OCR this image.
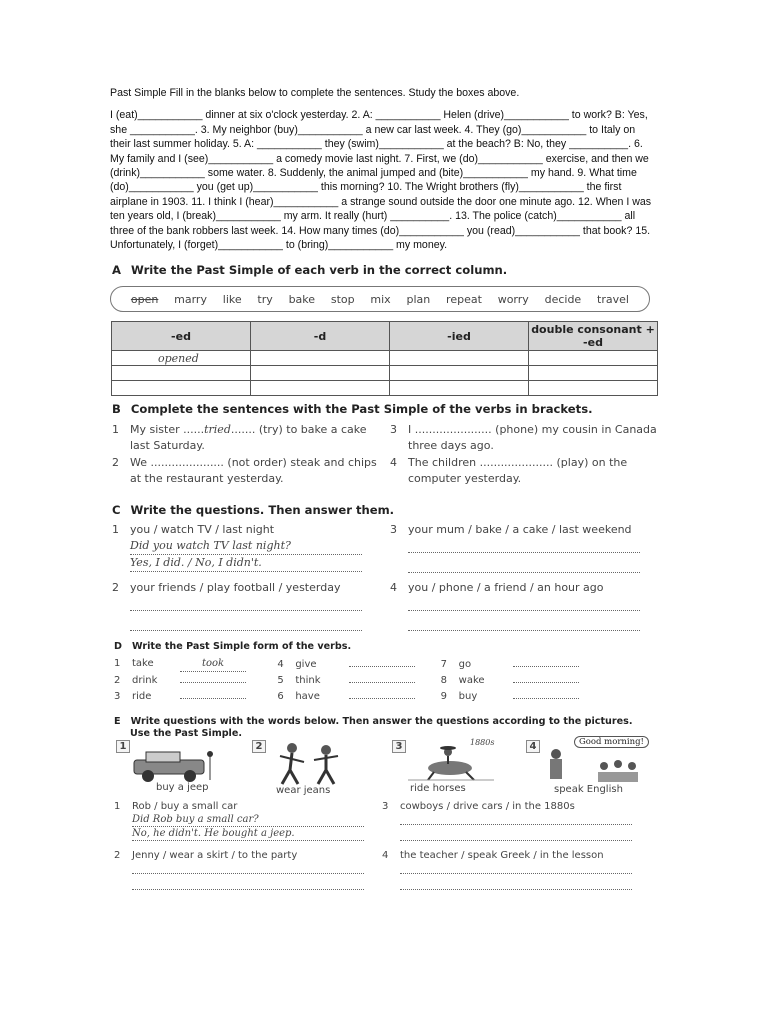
Past Simple Fill in the blanks below to complete the sentences. Study the boxes above.
I (eat)___________ dinner at six o'clock yesterday. 2. A: ___________ Helen (drive)___________ to work? B: Yes, she ___________. 3. My neighbor (buy)___________ a new car last week. 4. They (go)___________ to Italy on their last summer holiday. 5. A: ___________ they (swim)___________ at the beach? B: No, they __________. 6. My family and I (see)___________ a comedy movie last night. 7. First, we (do)___________ exercise, and then we (drink)___________ some water. 8. Suddenly, the animal jumped and (bite)___________ my hand. 9. What time (do)___________ you (get up)___________ this morning? 10. The Wright brothers (fly)___________ the first airplane in 1903. 11. I think I (hear)___________ a strange sound outside the door one minute ago. 12. When I was ten years old, I (break)___________ my arm. It really (hurt) __________. 13. The police (catch)___________ all three of the bank robbers last week. 14. How many times (do)___________ you (read)___________ that book? 15. Unfortunately, I (forget)___________ to (bring)___________ my money.
A Write the Past Simple of each verb in the correct column.
open marry like try bake stop mix plan repeat worry decide travel
-ed	-d	-ied	double consonant + -ed
opened			

B Complete the sentences with the Past Simple of the verbs in brackets.
1 My sister ......tried....... (try) to bake a cake
last Saturday.
2 We ..................... (not order) steak and chips
at the restaurant yesterday.
3 I ...................... (phone) my cousin in Canada
three days ago.
4 The children ..................... (play) on the
computer yesterday.
C Write the questions. Then answer them.
1 you / watch TV / last night
Did you watch TV last night?
Yes, I did. / No, I didn't.
2 your friends / play football / yesterday

3 your mum / bake / a cake / last weekend

4 you / phone / a friend / an hour ago

D Write the Past Simple form of the verbs.
1 take	took	4 give	7 go
2 drink	5 think	8 wake
3 ride	6 have	9 buy
E Write questions with the words below. Then answer the questions according to the pictures.
Use the Past Simple.
1
buy a jeep
2
wear jeans
3	1880s
ride horses
4	Good morning!
speak English
1 Rob / buy a small car
Did Rob buy a small car?
No, he didn't. He bought a jeep.
2 Jenny / wear a skirt / to the party

3 cowboys / drive cars / in the 1880s

4 the teacher / speak Greek / in the lesson
